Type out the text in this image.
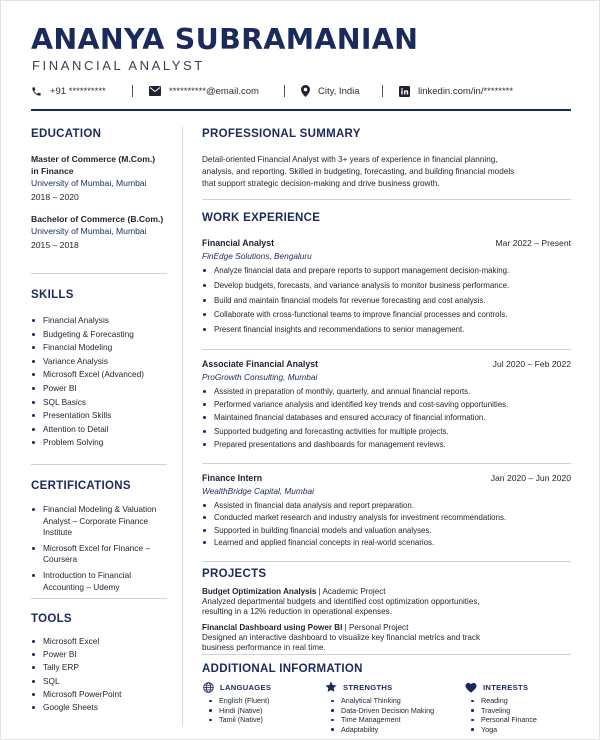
ANANYA SUBRAMANIAN
FINANCIAL ANALYST
+91 **********	**********@email.com	City, India	linkedin.com/in/********
EDUCATION
Master of Commerce (M.Com.)
in Finance
University of Mumbai, Mumbai
2018 – 2020
Bachelor of Commerce (B.Com.)
University of Mumbai, Mumbai
2015 – 2018
SKILLS
Financial Analysis
Budgeting & Forecasting
Financial Modeling
Variance Analysis
Microsoft Excel (Advanced)
Power BI
SQL Basics
Presentation Skills
Attention to Detail
Problem Solving
CERTIFICATIONS
Financial Modeling & Valuation
Analyst – Corporate Finance
Institute
Microsoft Excel for Finance –
Coursera
Introduction to Financial
Accounting – Udemy
TOOLS
Microsoft Excel
Power BI
Tally ERP
SQL
Microsoft PowerPoint
Google Sheets
PROFESSIONAL SUMMARY
Detail-oriented Financial Analyst with 3+ years of experience in financial planning,
analysis, and reporting. Skilled in budgeting, forecasting, and building financial models
that support strategic decision-making and drive business growth.
WORK EXPERIENCE
Financial Analyst	Mar 2022 – Present
FinEdge Solutions, Bengaluru
Analyze financial data and prepare reports to support management decision-making.
Develop budgets, forecasts, and variance analysis to monitor business performance.
Build and maintain financial models for revenue forecasting and cost analysis.
Collaborate with cross-functional teams to improve financial processes and controls.
Present financial insights and recommendations to senior management.
Associate Financial Analyst	Jul 2020 – Feb 2022
ProGrowth Consulting, Mumbai
Assisted in preparation of monthly, quarterly, and annual financial reports.
Performed variance analysis and identified key trends and cost-saving opportunities.
Maintained financial databases and ensured accuracy of financial information.
Supported budgeting and forecasting activities for multiple projects.
Prepared presentations and dashboards for management reviews.
Finance Intern	Jan 2020 – Jun 2020
WealthBridge Capital, Mumbai
Assisted in financial data analysis and report preparation.
Conducted market research and industry analysis for investment recommendations.
Supported in building financial models and valuation analyses.
Learned and applied financial concepts in real-world scenarios.
PROJECTS
Budget Optimization Analysis | Academic Project
Analyzed departmental budgets and identified cost optimization opportunities,
resulting in a 12% reduction in operational expenses.
Financial Dashboard using Power BI | Personal Project
Designed an interactive dashboard to visualize key financial metrics and track
business performance in real time.
ADDITIONAL INFORMATION
LANGUAGES
English (Fluent)
Hindi (Native)
Tamil (Native)
STRENGTHS
Analytical Thinking
Data-Driven Decision Making
Time Management
Adaptability
INTERESTS
Reading
Traveling
Personal Finance
Yoga
